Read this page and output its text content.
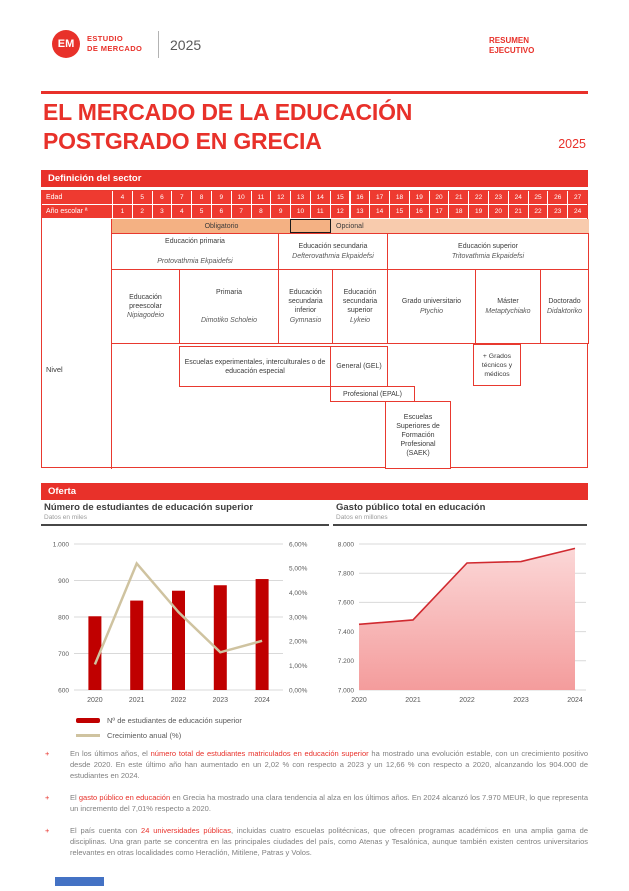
EM ESTUDIO
DE MERCADO 2025	RESUMEN
EJECUTIVO
EL MERCADO DE LA EDUCACIÓN
POSTGRADO EN GRECIA	2025
Definición del sector
Edad	4	5	6	7	8	9	10	11	12	13	14	15	16	17	18	19	20	21	22	23	24	25	26	27
Año escolar ª	1	2	3	4	5	6	7	8	9	10	11	12	13	14	15	16	17	18	19	20	21	22	23	24
Obligatorio	Opcional
Nivel
Educación primaria
Protovathmia Ekpaidefsi
Educación secundaria
Defterovathmia Ekpaidefsi
Educación superior
Tritovathmia Ekpaidefsi
Educación preescolar
Nipiagodeio
Primaria
Dimotiko Scholeio
Educación secundaria inferior
Gymnasio
Educación secundaria superior
Lykeio
Grado universitario
Ptychio
Máster
Metaptychiako
Doctorado
Didaktoriko
Escuelas experimentales, interculturales o de educación especial
General (GEL)
+ Grados técnicos y médicos
Profesional (EPAL)
Escuelas Superiores de Formación Profesional (SAEK)
Oferta
Número de estudiantes de educación superior
Datos en miles
600
700
800
900
1.000
0,00%
1,00%
2,00%
3,00%
4,00%
5,00%
6,00%
2020	2021	2022	2023	2024
Nº de estudiantes de educación superior
Crecimiento anual (%)
Gasto público total en educación
Datos en millones
7.000
7.200
7.400
7.600
7.800
8.000
2020	2021	2022	2023	2024
+	En los últimos años, el número total de estudiantes matriculados en educación superior ha mostrado una evolución estable, con un crecimiento positivo desde 2020. En este último año han aumentado en un 2,02 % con respecto a 2023 y un 12,66 % con respecto a 2020, alcanzando los 904.000 de estudiantes en 2024.
+	El gasto público en educación en Grecia ha mostrado una clara tendencia al alza en los últimos años. En 2024 alcanzó los 7.970 MEUR, lo que representa un incremento del 7,01% respecto a 2020.
+	El país cuenta con 24 universidades públicas, incluidas cuatro escuelas politécnicas, que ofrecen programas académicos en una amplia gama de disciplinas. Una gran parte se concentra en las principales ciudades del país, como Atenas y Tesalónica, aunque también existen centros universitarios relevantes en otras localidades como Heraclión, Mitilene, Patras y Volos.
